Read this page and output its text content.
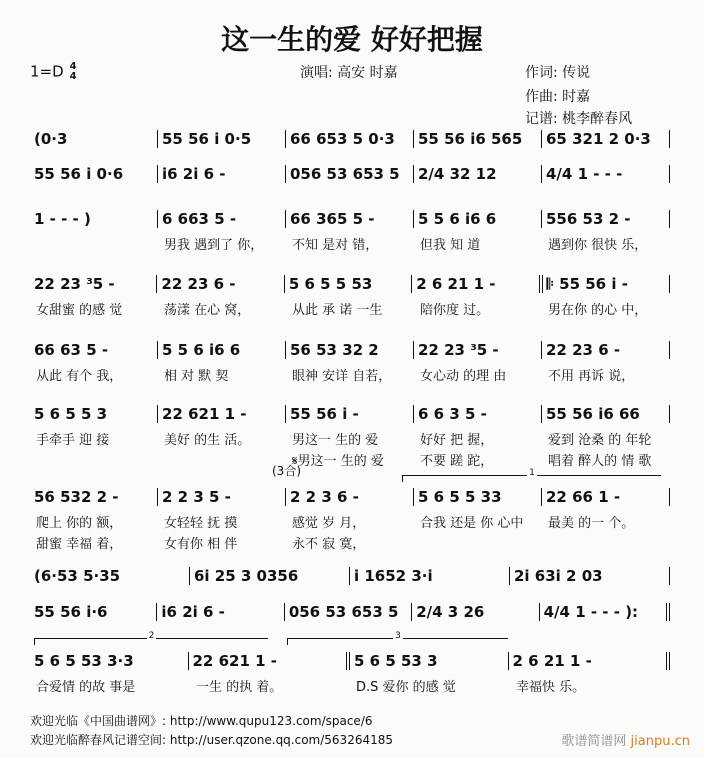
这一生的爱 好好把握
1=D 4
4	演唱: 高安 时嘉	作词: 传说
作曲: 时嘉
记谱: 桃李醉春风
(0·3	55 56 i 0·5	66 653 5 0·3	55 56 i6 565	65 321 2 0·3
55 56 i 0·6	i6 2i 6 -	056 53 653 5	2/4 32 12	4/4 1 - - -
1 - - - )	6 663 5 -	66 365 5 -	5 5 6 i6 6	556 53 2 -
男我 遇到了 你，	不知 是对 错，	但我 知 道	遇到你 很快 乐，
22 23 ³5 -	22 23 6 -	5 6 5 5 53	2 6 21 1 -	𝄆 55 56 i -
女甜蜜 的感 觉	荡漾 在心 窝，	从此 承 诺 一生	陪你度 过。	男在你 的心 中，
66 63 5 -	5 5 6 i6 6	56 53 32 2	22 23 ³5 -	22 23 6 -
从此 有个 我，	相 对 默 契	眼神 安详 自若，	女心动 的理 由	不用 再诉 说，
5 6 5 5 3	22 621 1 -	55 56 i -	6 6 3 5 -	55 56 i6 66
手牵手 迎 接	美好 的生 活。	男这一 生的 爱	好好 把 握，	爱到 沧桑 的 年轮
𝄋男这一 生的 爱	不要 蹉 跎，	唱着 醉人的 情 歌
56 532 2 -	2 2 3 5 -	2 2 3 6 -	5 6 5 5 33	22 66 1 -
爬上 你的 额，	女轻轻 抚 摸	感觉 岁 月，	合我 还是 你 心中	最美 的一 个。
甜蜜 幸福 着，	女有你 相 伴	永不 寂 寞，
(6·53 5·35	6i 25 3 0356	i 1652 3·i	2i 63i 2 03
55 56 i·6	i6 2i 6 -	056 53 653 5	2/4 3 26	4/4 1 - - - ):
5 6 5 53 3·3	22 621 1 -	5 6 5 53 3	2 6 21 1 -
合爱情 的故 事是	一生 的执 着。	D.S 爱你 的感 觉	幸福快 乐。
1
2	3
(3合)
欢迎光临《中国曲谱网》: http://www.qupu123.com/space/6
欢迎光临醉春风记谱空间: http://user.qzone.qq.com/563264185	歌谱简谱网 jianpu.cn
